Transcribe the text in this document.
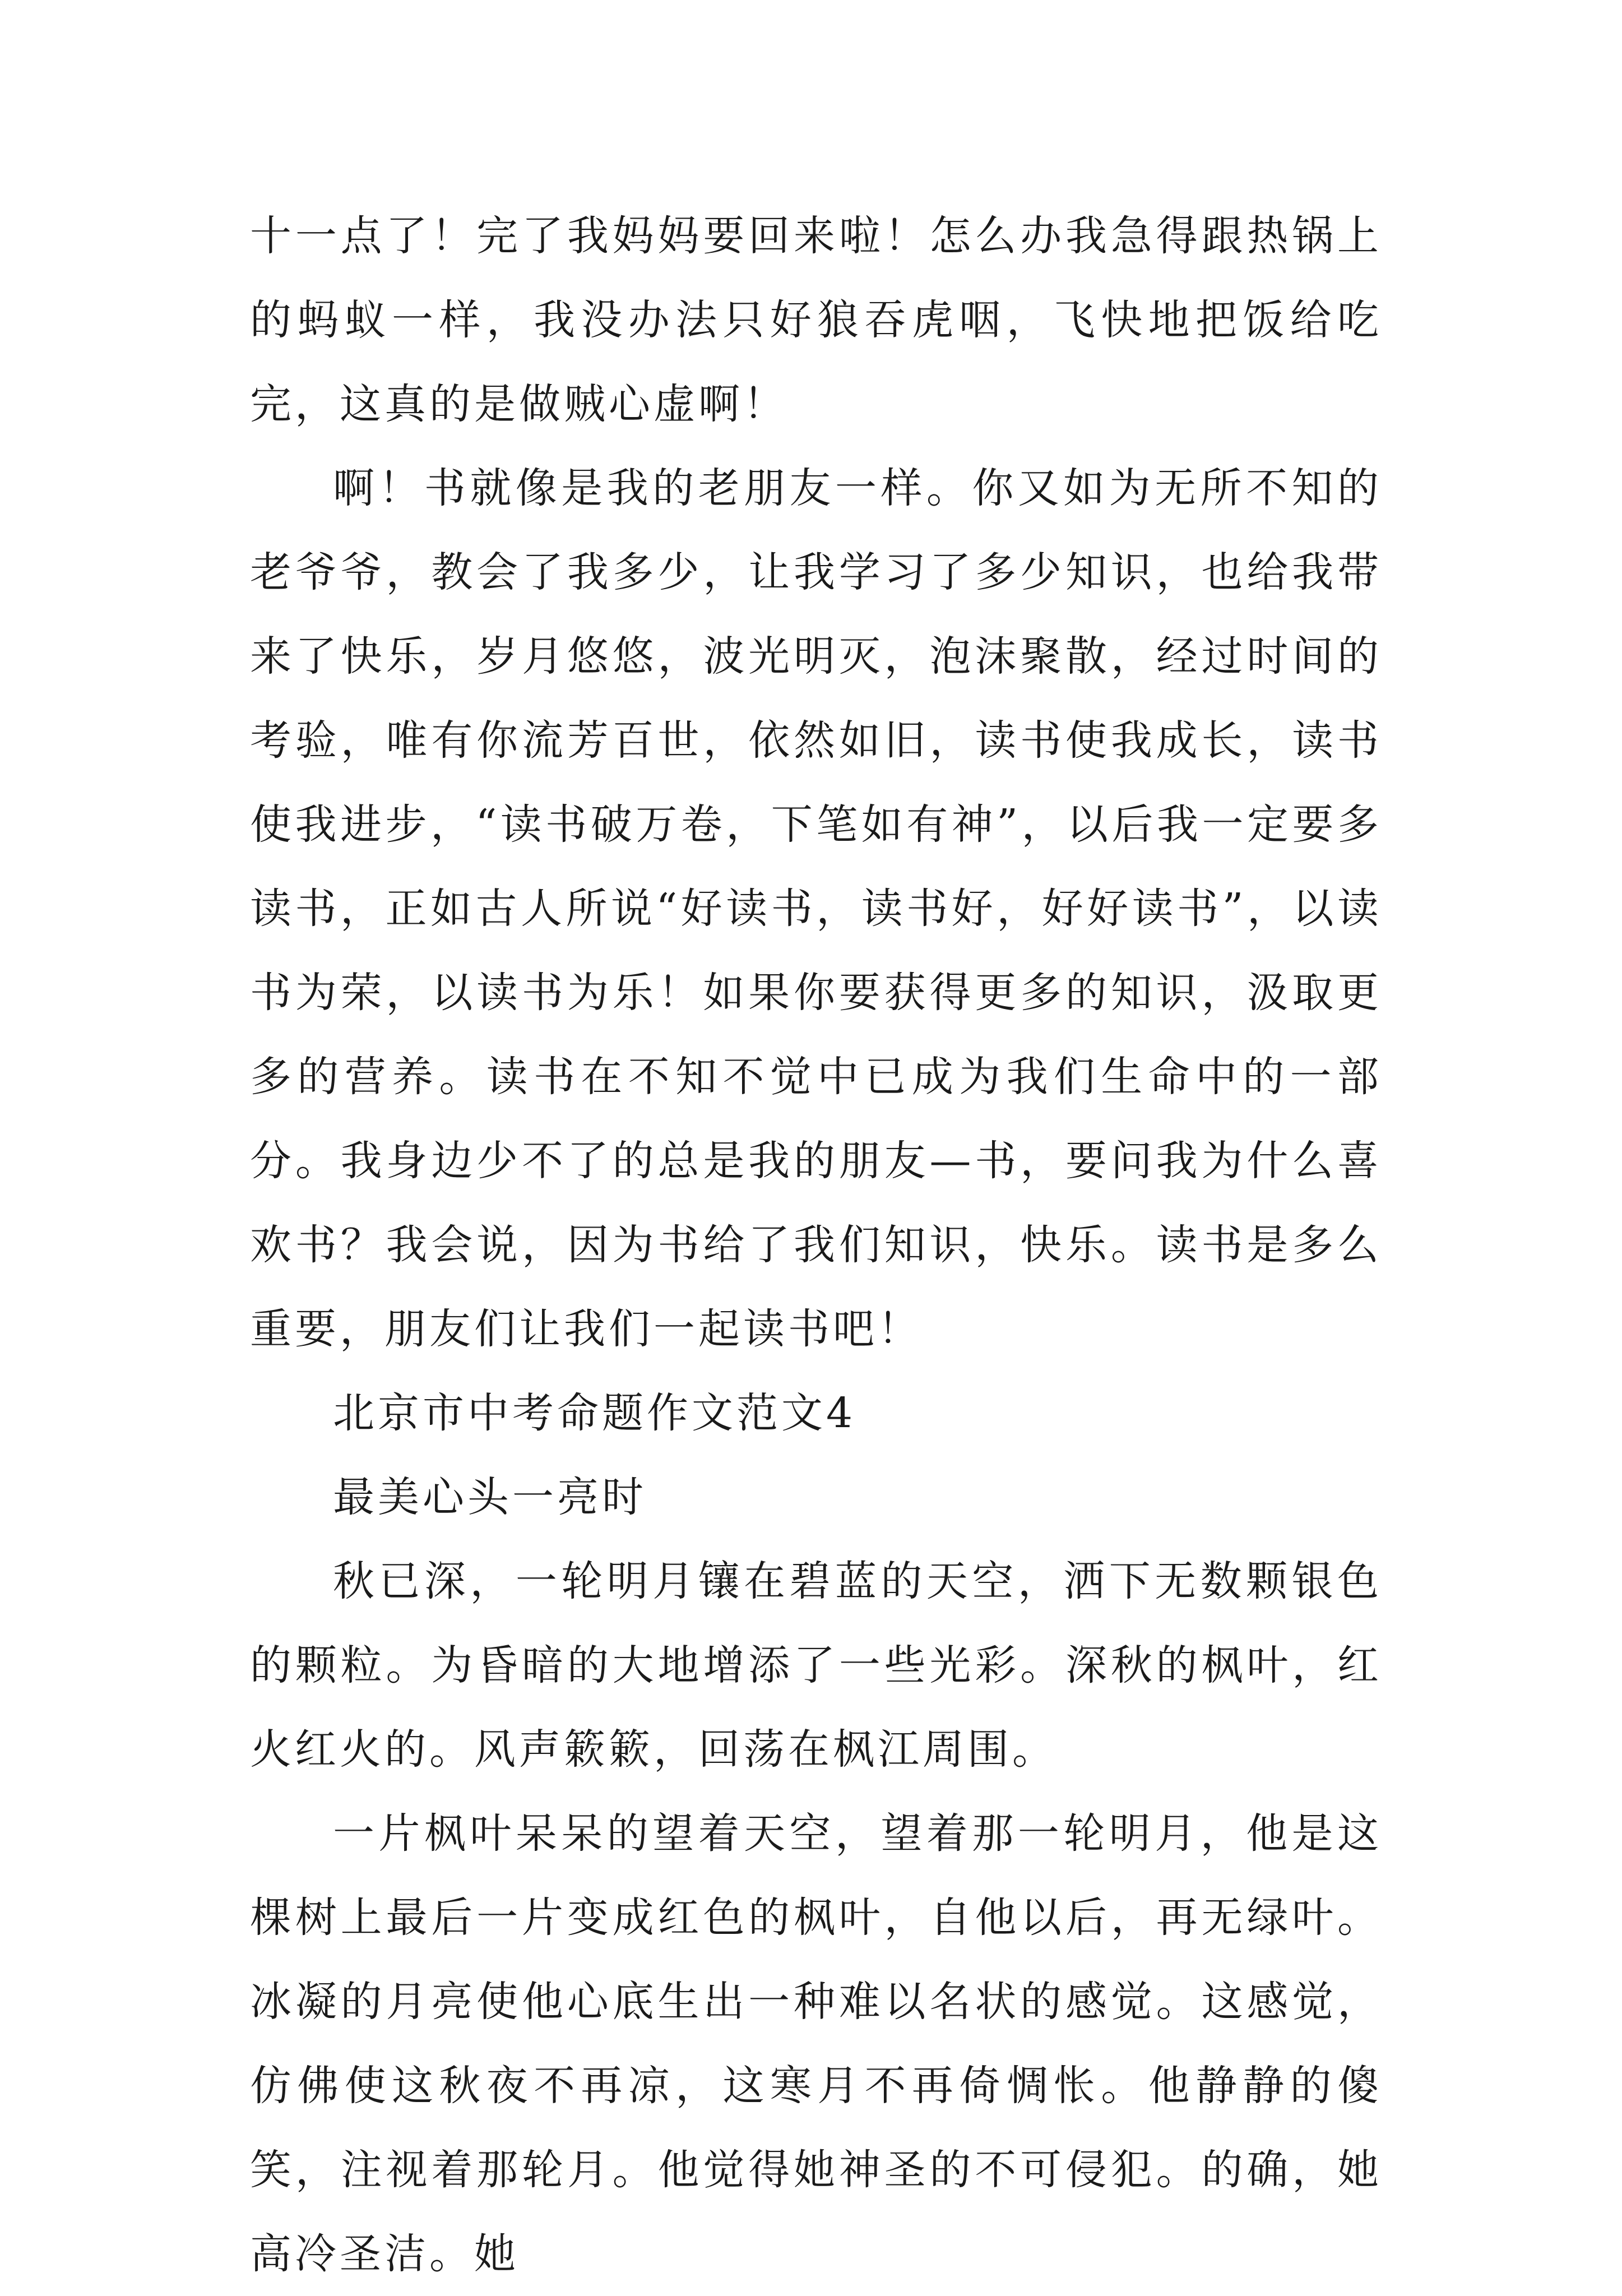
十一点了！完了我妈妈要回来啦！怎么办我急得跟热锅上的蚂蚁一样，我没办法只好狼吞虎咽，飞快地把饭给吃完，这真的是做贼心虚啊！

啊！书就像是我的老朋友一样。你又如为无所不知的老爷爷，教会了我多少，让我学习了多少知识，也给我带来了快乐，岁月悠悠，波光明灭，泡沫聚散，经过时间的考验，唯有你流芳百世，依然如旧，读书使我成长，读书使我进步，“读书破万卷，下笔如有神”，以后我一定要多读书，正如古人所说“好读书，读书好，好好读书”，以读书为荣，以读书为乐！如果你要获得更多的知识，汲取更多的营养。读书在不知不觉中已成为我们生命中的一部分。我身边少不了的总是我的朋友—书，要问我为什么喜欢书？我会说，因为书给了我们知识，快乐。读书是多么重要，朋友们让我们一起读书吧！

北京市中考命题作文范文4

最美心头一亮时

秋已深，一轮明月镶在碧蓝的天空，洒下无数颗银色的颗粒。为昏暗的大地增添了一些光彩。深秋的枫叶，红火红火的。风声簌簌，回荡在枫江周围。

一片枫叶呆呆的望着天空，望着那一轮明月，他是这棵树上最后一片变成红色的枫叶，自他以后，再无绿叶。冰凝的月亮使他心底生出一种难以名状的感觉。这感觉，仿佛使这秋夜不再凉，这寒月不再倚惆怅。他静静的傻笑，注视着那轮月。他觉得她神圣的不可侵犯。的确，她高冷圣洁。她
